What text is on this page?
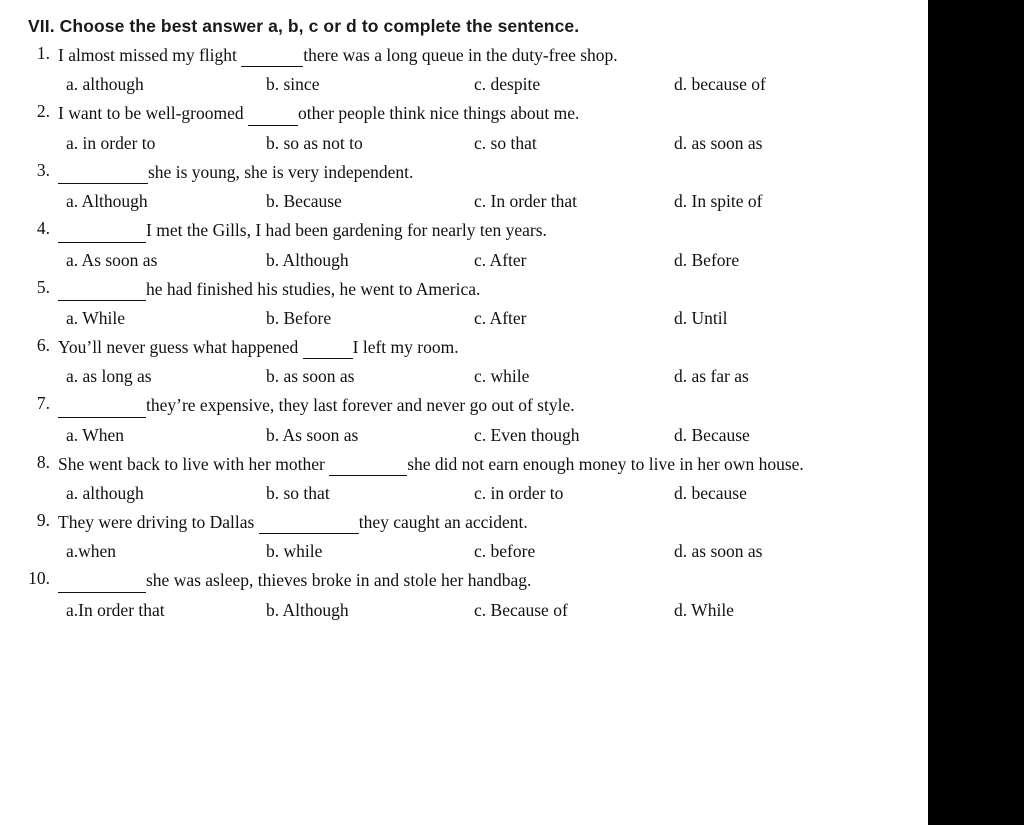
VII. Choose the best answer a, b, c or d to complete the sentence.
1. I almost missed my flight	there was a long queue in the duty-free shop.
a. although	b. since	c. despite	d. because of
2. I want to be well-groomed	other people think nice things about me.
a. in order to	b. so as not to	c. so that	d. as soon as
3.	she is young, she is very independent.
a. Although	b. Because	c. In order that	d. In spite of
4.	I met the Gills, I had been gardening for nearly ten years.
a. As soon as	b. Although	c. After	d. Before
5.	he had finished his studies, he went to America.
a. While	b. Before	c. After	d. Until
6. You’ll never guess what happened	I left my room.
a. as long as	b. as soon as	c. while	d. as far as
7.	they’re expensive, they last forever and never go out of style.
a. When	b. As soon as	c. Even though	d. Because
8. She went back to live with her mother	she did not earn enough money to live in her own house.
a. although	b. so that	c. in order to	d. because
9. They were driving to Dallas	they caught an accident.
a.when	b. while	c. before	d. as soon as
10.	she was asleep, thieves broke in and stole her handbag.
a.In order that	b. Although	c. Because of	d. While
